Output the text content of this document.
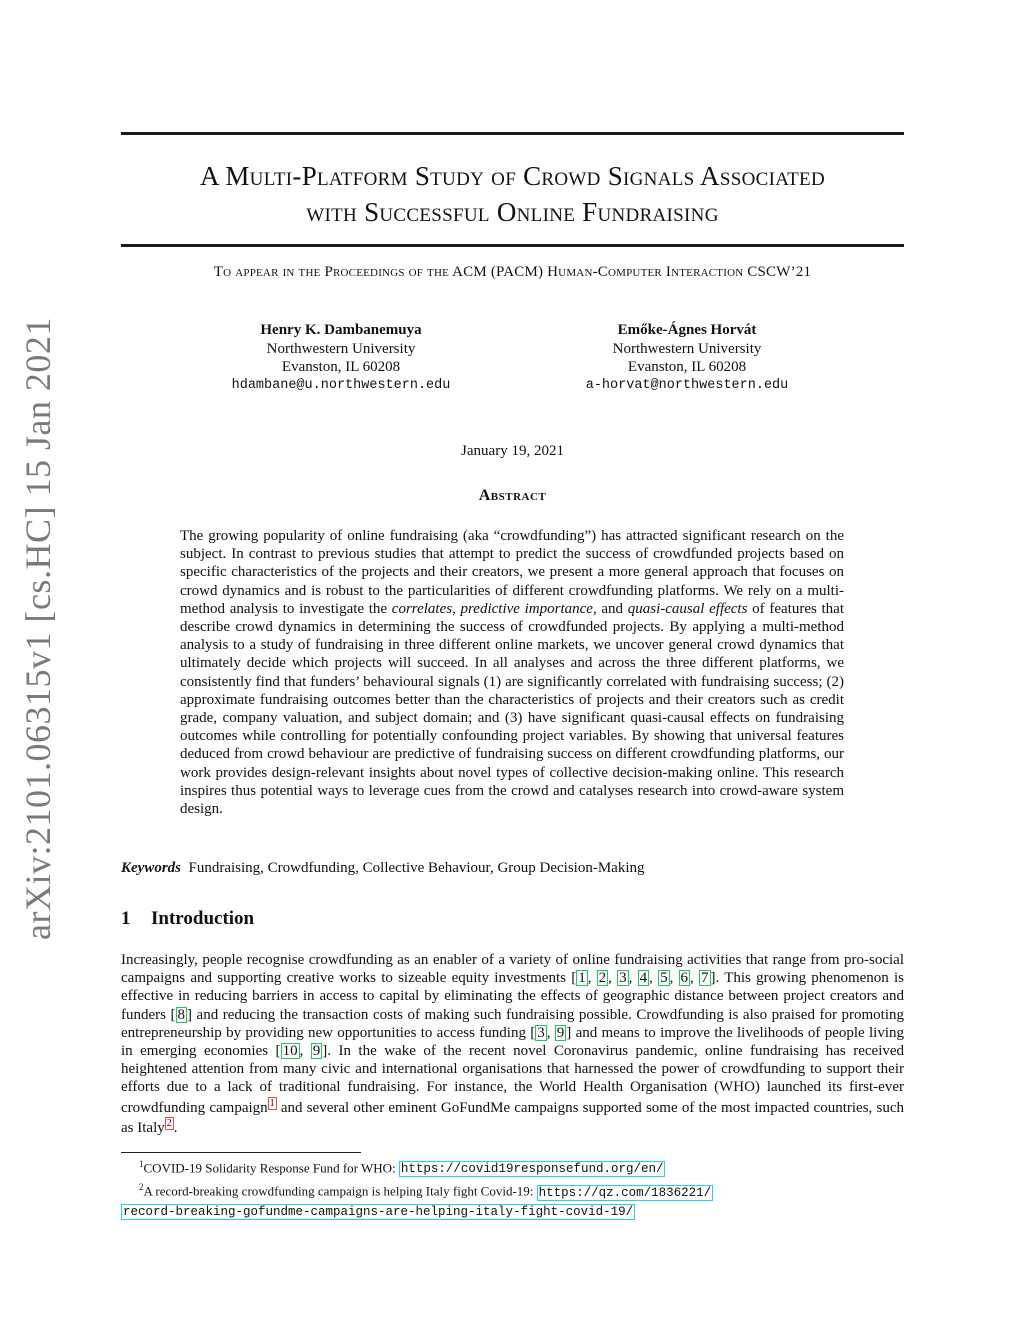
A Multi-Platform Study of Crowd Signals Associated
with Successful Online Fundraising
To appear in the Proceedings of the ACM (PACM) Human-Computer Interaction CSCW’21
Henry K. Dambanemuya
Northwestern University
Evanston, IL 60208
hdambane@u.northwestern.edu
Emőke-Ágnes Horvát
Northwestern University
Evanston, IL 60208
a-horvat@northwestern.edu
January 19, 2021
Abstract
The growing popularity of online fundraising (aka “crowdfunding”) has attracted significant research on the subject. In contrast to previous studies that attempt to predict the success of crowdfunded projects based on specific characteristics of the projects and their creators, we present a more general approach that focuses on crowd dynamics and is robust to the particularities of different crowdfunding platforms. We rely on a multi-method analysis to investigate the correlates, predictive importance, and quasi-causal effects of features that describe crowd dynamics in determining the success of crowdfunded projects. By applying a multi-method analysis to a study of fundraising in three different online markets, we uncover general crowd dynamics that ultimately decide which projects will succeed. In all analyses and across the three different platforms, we consistently find that funders’ behavioural signals (1) are significantly correlated with fundraising success; (2) approximate fundraising outcomes better than the characteristics of projects and their creators such as credit grade, company valuation, and subject domain; and (3) have significant quasi-causal effects on fundraising outcomes while controlling for potentially confounding project variables. By showing that universal features deduced from crowd behaviour are predictive of fundraising success on different crowdfunding platforms, our work provides design-relevant insights about novel types of collective decision-making online. This research inspires thus potential ways to leverage cues from the crowd and catalyses research into crowd-aware system design.
Keywords Fundraising, Crowdfunding, Collective Behaviour, Group Decision-Making
1 Introduction
Increasingly, people recognise crowdfunding as an enabler of a variety of online fundraising activities that range from pro-social campaigns and supporting creative works to sizeable equity investments [ 1 , 2 , 3 , 4 , 5 , 6 , 7 ]. This growing phenomenon is effective in reducing barriers in access to capital by eliminating the effects of geographic distance between project creators and funders [ 8 ] and reducing the transaction costs of making such fundraising possible. Crowdfunding is also praised for promoting entrepreneurship by providing new opportunities to access funding [ 3 , 9 ] and means to improve the livelihoods of people living in emerging economies [ 10 , 9 ]. In the wake of the recent novel Coronavirus pandemic, online fundraising has received heightened attention from many civic and international organisations that harnessed the power of crowdfunding to support their efforts due to a lack of traditional fundraising. For instance, the World Health Organisation (WHO) launched its first-ever crowdfunding campaign 1 and several other eminent GoFundMe campaigns supported some of the most impacted countries, such as Italy 2 .
$^1$COVID-19 Solidarity Response Fund for WHO: https://covid19responsefund.org/en/
$^2$A record-breaking crowdfunding campaign is helping Italy fight Covid-19: https://qz.com/1836221/
record-breaking-gofundme-campaigns-are-helping-italy-fight-covid-19/
arXiv:2101.06315v1 [cs.HC] 15 Jan 2021
